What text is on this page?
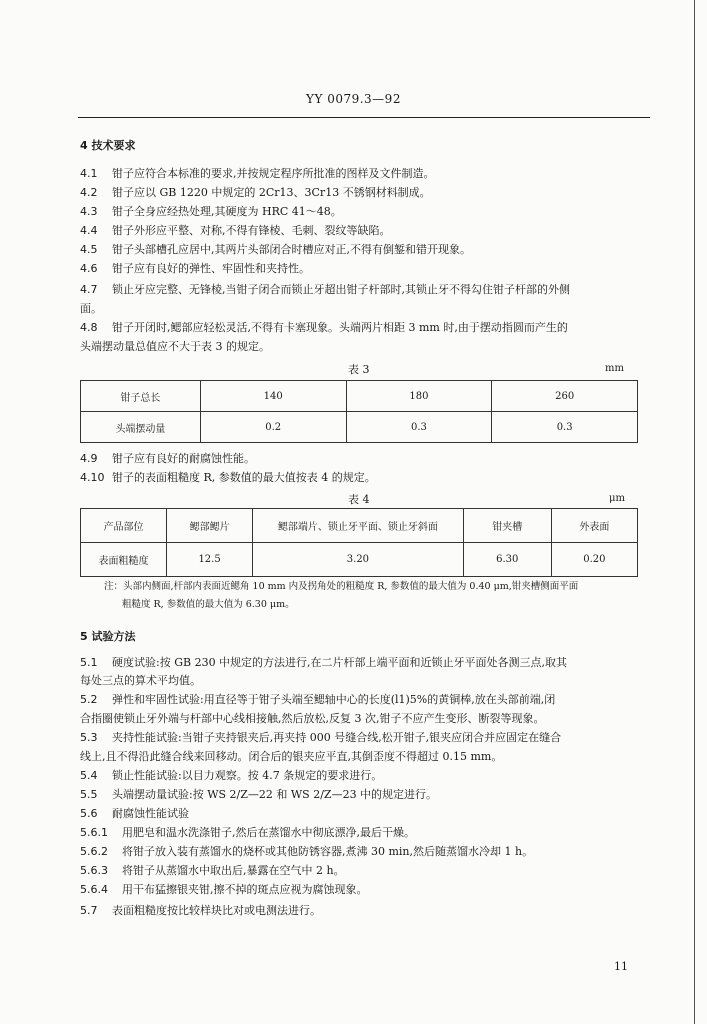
YY 0079.3—92
4 技术要求
4.1 钳子应符合本标准的要求,并按规定程序所批准的图样及文件制造。
4.2 钳子应以 GB 1220 中规定的 2Cr13、3Cr13 不锈钢材料制成。
4.3 钳子全身应经热处理,其硬度为 HRC 41～48。
4.4 钳子外形应平整、对称,不得有锋棱、毛刺、裂纹等缺陷。
4.5 钳子头部槽孔应居中,其两片头部闭合时槽应对正,不得有倒錾和错开现象。
4.6 钳子应有良好的弹性、牢固性和夹持性。
4.7 锁止牙应完整、无锋棱,当钳子闭合而锁止牙超出钳子杆部时,其锁止牙不得勾住钳子杆部的外侧
面。
4.8 钳子开闭时,鳃部应轻松灵活,不得有卡塞现象。头端两片相距 3 mm 时,由于摆动指圆而产生的
头端摆动量总值应不大于表 3 的规定。
表 3	mm
钳子总长	140	180	260
头端摆动量	0.2	0.3	0.3
4.9 钳子应有良好的耐腐蚀性能。
4.10 钳子的表面粗糙度 R, 参数值的最大值按表 4 的规定。
表 4	μm
产品部位	鳃部鳃片	鳃部端片、锁止牙平面、锁止牙斜面	钳夹槽	外表面
表面粗糙度	12.5	3.20	6.30	0.20
注：头部内侧面,杆部内表面近鳃角 10 mm 内及拐角处的粗糙度 R, 参数值的最大值为 0.40 μm,钳夹槽侧面平面
粗糙度 R, 参数值的最大值为 6.30 μm。
5 试验方法
5.1 硬度试验:按 GB 230 中规定的方法进行,在二片杆部上端平面和近锁止牙平面处各测三点,取其
每处三点的算术平均值。
5.2 弹性和牢固性试验:用直径等于钳子头端至鳃轴中心的长度(l1)5%的黄铜棒,放在头部前端,闭
合指圈使锁止牙外端与杆部中心线相接触,然后放松,反复 3 次,钳子不应产生变形、断裂等现象。
5.3 夹持性能试验:当钳子夹持银夹后,再夹持 000 号缝合线,松开钳子,银夹应闭合并应固定在缝合
线上,且不得沿此缝合线来回移动。闭合后的银夹应平直,其倒歪度不得超过 0.15 mm。
5.4 锁止性能试验:以目力观察。按 4.7 条规定的要求进行。
5.5 头端摆动量试验:按 WS 2/Z—22 和 WS 2/Z—23 中的规定进行。
5.6 耐腐蚀性能试验
5.6.1 用肥皂和温水洗涤钳子,然后在蒸馏水中彻底漂净,最后干燥。
5.6.2 将钳子放入装有蒸馏水的烧杯或其他防锈容器,煮沸 30 min,然后随蒸馏水冷却 1 h。
5.6.3 将钳子从蒸馏水中取出后,暴露在空气中 2 h。
5.6.4 用干布猛擦银夹钳,擦不掉的斑点应视为腐蚀现象。
5.7 表面粗糙度按比较样块比对或电测法进行。
11
